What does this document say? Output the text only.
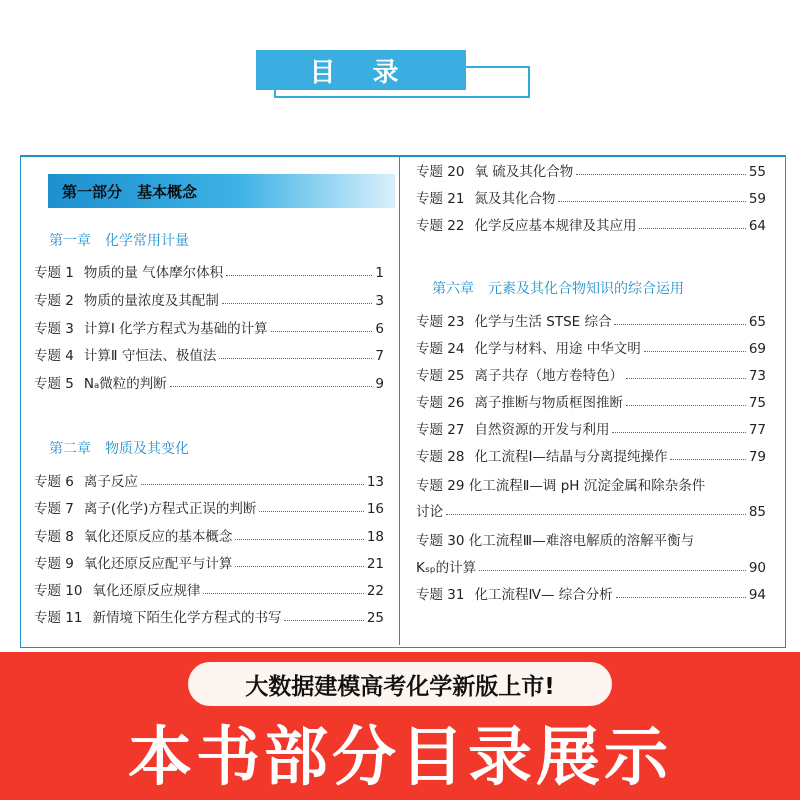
目 录
第一部分　基本概念
第一章　化学常用计量
专题 1 物质的量 气体摩尔体积	1
专题 2 物质的量浓度及其配制	3
专题 3 计算Ⅰ 化学方程式为基础的计算	6
专题 4 计算Ⅱ 守恒法、极值法	7
专题 5 Nₐ微粒的判断	9
第二章　物质及其变化
专题 6 离子反应	13
专题 7 离子(化学)方程式正误的判断	16
专题 8 氧化还原反应的基本概念	18
专题 9 氧化还原反应配平与计算	21
专题 10 氧化还原反应规律	22
专题 11 新情境下陌生化学方程式的书写	25
专题 20 氧 硫及其化合物	55
专题 21 氮及其化合物	59
专题 22 化学反应基本规律及其应用	64
第六章　元素及其化合物知识的综合运用
专题 23 化学与生活 STSE 综合	65
专题 24 化学与材料、用途 中华文明	69
专题 25 离子共存（地方卷特色）	73
专题 26 离子推断与物质框图推断	75
专题 27 自然资源的开发与利用	77
专题 28 化工流程Ⅰ—结晶与分离提纯操作	79
专题 29 化工流程Ⅱ—调 pH 沉淀金属和除杂条件
讨论	85
专题 30 化工流程Ⅲ—难溶电解质的溶解平衡与
Kₛₚ的计算	90
专题 31 化工流程Ⅳ— 综合分析	94
大数据建模高考化学新版上市!
本书部分目录展示
